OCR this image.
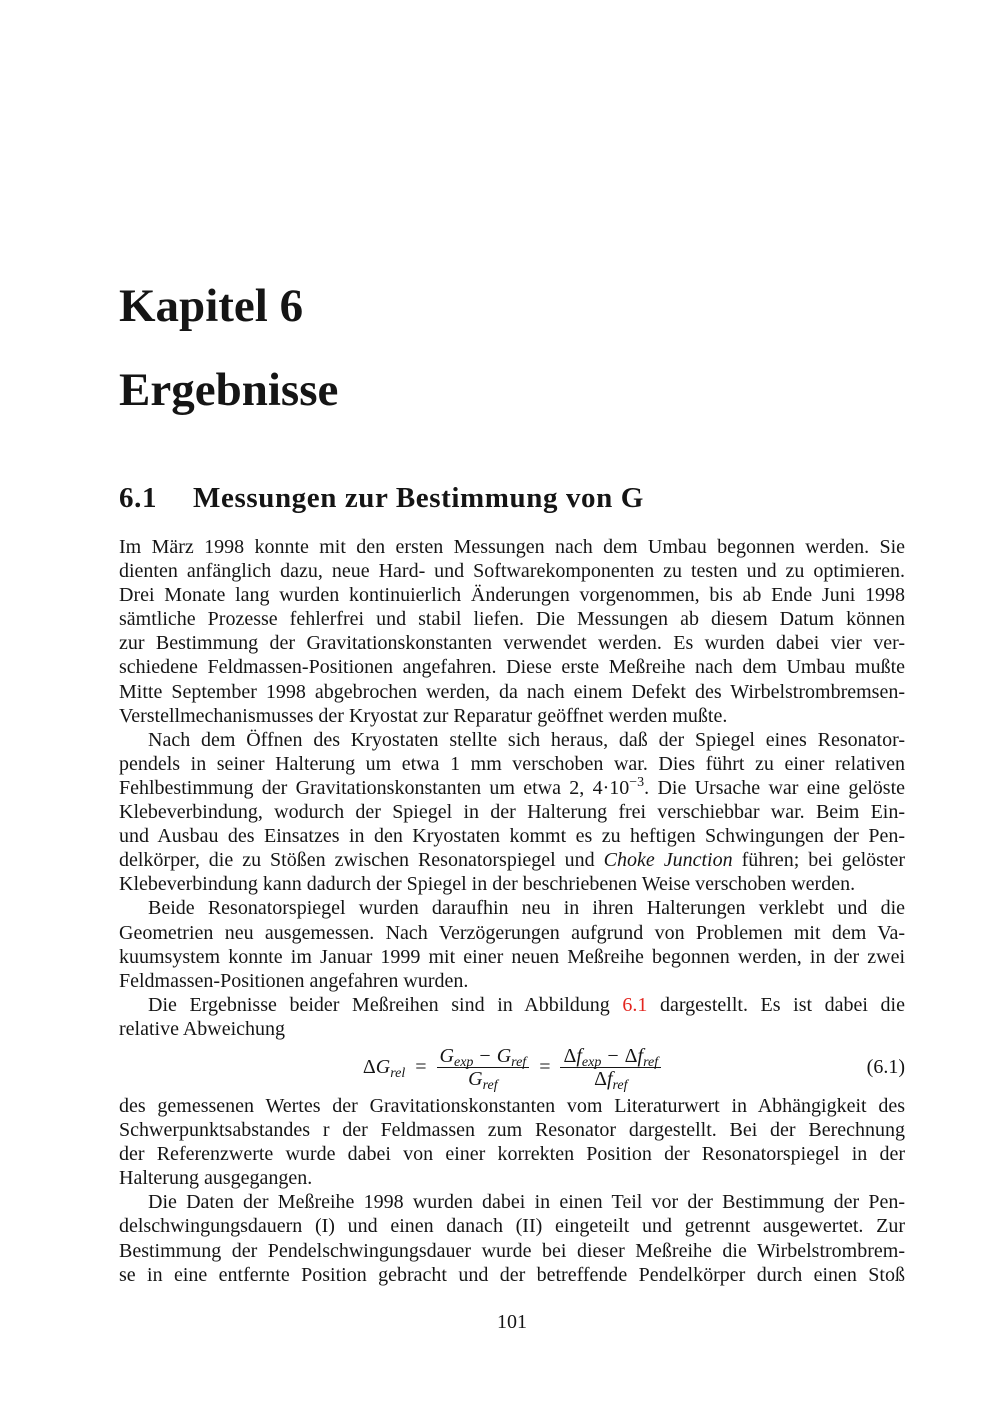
Kapitel 6
Ergebnisse
6.1 Messungen zur Bestimmung von G
Im März 1998 konnte mit den ersten Messungen nach dem Umbau begonnen werden. Sie
dienten anfänglich dazu, neue Hard- und Softwarekomponenten zu testen und zu optimieren.
Drei Monate lang wurden kontinuierlich Änderungen vorgenommen, bis ab Ende Juni 1998
sämtliche Prozesse fehlerfrei und stabil liefen. Die Messungen ab diesem Datum können
zur Bestimmung der Gravitationskonstanten verwendet werden. Es wurden dabei vier ver-
schiedene Feldmassen-Positionen angefahren. Diese erste Meßreihe nach dem Umbau mußte
Mitte September 1998 abgebrochen werden, da nach einem Defekt des Wirbelstrombremsen-
Verstellmechanismusses der Kryostat zur Reparatur geöffnet werden mußte.
Nach dem Öffnen des Kryostaten stellte sich heraus, daß der Spiegel eines Resonator-
pendels in seiner Halterung um etwa 1 mm verschoben war. Dies führt zu einer relativen
Fehlbestimmung der Gravitationskonstanten um etwa 2, $4\cdot 10^{-3}$. Die Ursache war eine gelöste
Klebeverbindung, wodurch der Spiegel in der Halterung frei verschiebbar war. Beim Ein-
und Ausbau des Einsatzes in den Kryostaten kommt es zu heftigen Schwingungen der Pen-
delkörper, die zu Stößen zwischen Resonatorspiegel und Choke Junction führen; bei gelöster
Klebeverbindung kann dadurch der Spiegel in der beschriebenen Weise verschoben werden.
Beide Resonatorspiegel wurden daraufhin neu in ihren Halterungen verklebt und die
Geometrien neu ausgemessen. Nach Verzögerungen aufgrund von Problemen mit dem Va-
kuumsystem konnte im Januar 1999 mit einer neuen Meßreihe begonnen werden, in der zwei
Feldmassen-Positionen angefahren wurden.
Die Ergebnisse beider Meßreihen sind in Abbildung 6.1 dargestellt. Es ist dabei die
relative Abweichung
$\Delta G_{rel} = \frac{G_{exp} - G_{ref}}{G_{ref}} = \frac{\Delta f_{exp} - \Delta f_{ref}}{\Delta f_{ref}}$	(6.1)
des gemessenen Wertes der Gravitationskonstanten vom Literaturwert in Abhängigkeit des
Schwerpunktsabstandes r der Feldmassen zum Resonator dargestellt. Bei der Berechnung
der Referenzwerte wurde dabei von einer korrekten Position der Resonatorspiegel in der
Halterung ausgegangen.
Die Daten der Meßreihe 1998 wurden dabei in einen Teil vor der Bestimmung der Pen-
delschwingungsdauern (I) und einen danach (II) eingeteilt und getrennt ausgewertet. Zur
Bestimmung der Pendelschwingungsdauer wurde bei dieser Meßreihe die Wirbelstrombrem-
se in eine entfernte Position gebracht und der betreffende Pendelkörper durch einen Stoß
101
